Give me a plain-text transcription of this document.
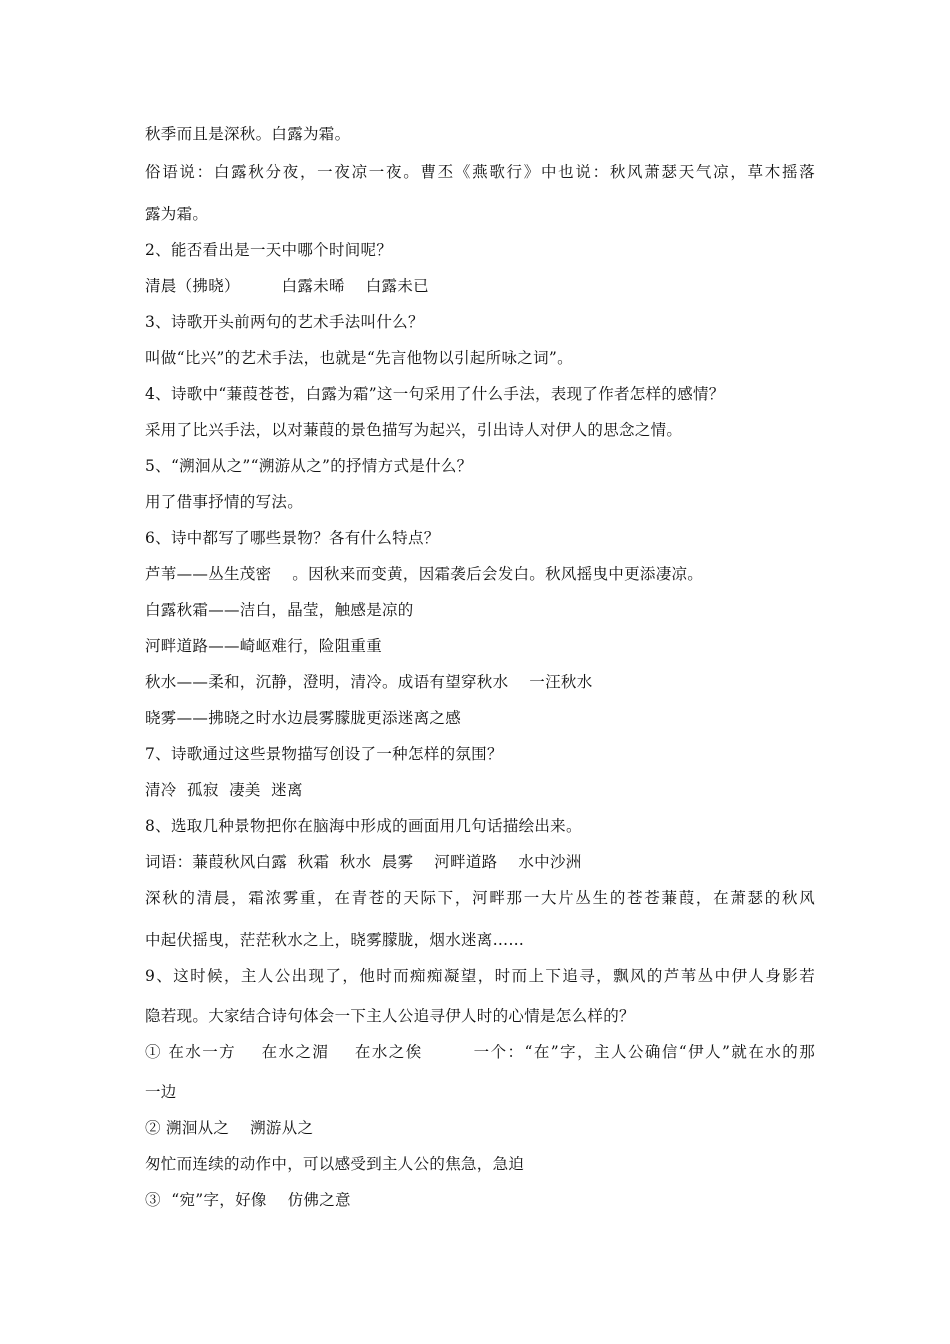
秋季而且是深秋。白露为霜。
俗语说：白露秋分夜，一夜凉一夜。曹丕《燕歌行》中也说：秋风萧瑟天气凉，草木摇落
露为霜。
2、能否看出是一天中哪个时间呢？
清晨（拂晓）        白露未晞    白露未已
3、诗歌开头前两句的艺术手法叫什么？
叫做“比兴”的艺术手法，也就是“先言他物以引起所咏之词”。
4、诗歌中“蒹葭苍苍，白露为霜”这一句采用了什么手法，表现了作者怎样的感情？
采用了比兴手法，以对蒹葭的景色描写为起兴，引出诗人对伊人的思念之情。
5、“溯洄从之”“溯游从之”的抒情方式是什么？
用了借事抒情的写法。
6、诗中都写了哪些景物？各有什么特点？
芦苇——丛生茂密    。因秋来而变黄，因霜袭后会发白。秋风摇曳中更添凄凉。
白露秋霜——洁白，晶莹，触感是凉的
河畔道路——崎岖难行，险阻重重
秋水——柔和，沉静，澄明，清冷。成语有望穿秋水    一汪秋水
晓雾——拂晓之时水边晨雾朦胧更添迷离之感
7、诗歌通过这些景物描写创设了一种怎样的氛围？
清冷  孤寂  凄美  迷离
8、选取几种景物把你在脑海中形成的画面用几句话描绘出来。
词语：蒹葭秋风白露  秋霜  秋水  晨雾    河畔道路    水中沙洲
深秋的清晨，霜浓雾重，在青苍的天际下，河畔那一大片丛生的苍苍蒹葭，在萧瑟的秋风
中起伏摇曳，茫茫秋水之上，晓雾朦胧，烟水迷离……
9、这时候，主人公出现了，他时而痴痴凝望，时而上下追寻，飘风的芦苇丛中伊人身影若
隐若现。大家结合诗句体会一下主人公追寻伊人时的心情是怎么样的？
① 在水一方    在水之湄    在水之俟        一个：“在”字，主人公确信“伊人”就在水的那
一边
② 溯洄从之    溯游从之
匆忙而连续的动作中，可以感受到主人公的焦急，急迫
③  “宛”字，好像    仿佛之意
